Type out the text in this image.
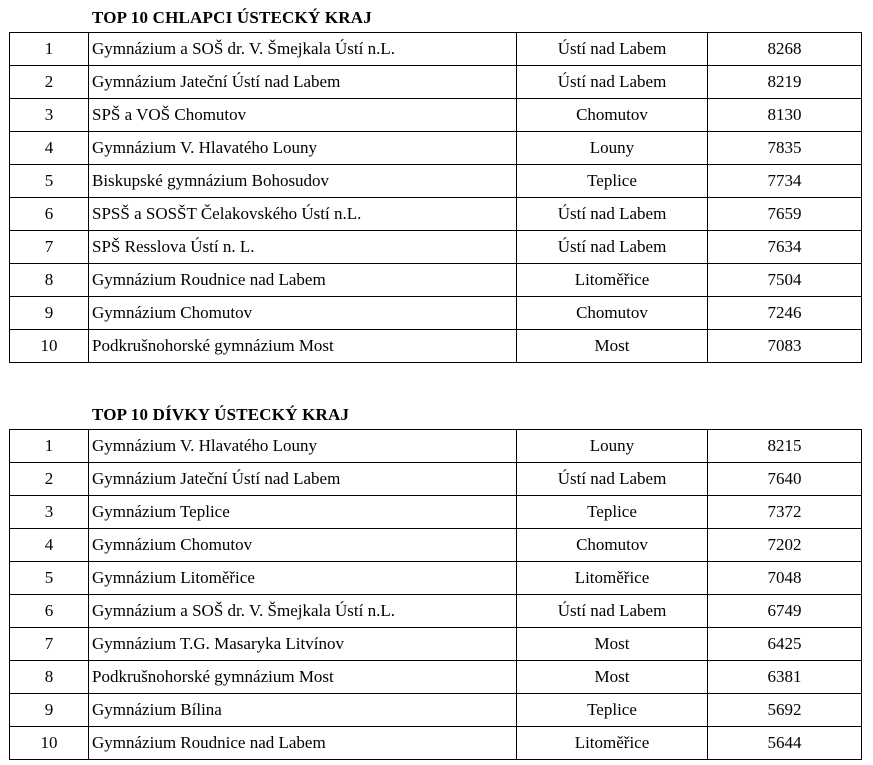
TOP 10 CHLAPCI ÚSTECKÝ KRAJ
1	Gymnázium a SOŠ dr. V. Šmejkala Ústí n.L.	Ústí nad Labem	8268
2	Gymnázium Jateční Ústí nad Labem	Ústí nad Labem	8219
3	SPŠ a VOŠ Chomutov	Chomutov	8130
4	Gymnázium V. Hlavatého Louny	Louny	7835
5	Biskupské gymnázium Bohosudov	Teplice	7734
6	SPSŠ a SOSŠT Čelakovského Ústí n.L.	Ústí nad Labem	7659
7	SPŠ Resslova Ústí n. L.	Ústí nad Labem	7634
8	Gymnázium Roudnice nad Labem	Litoměřice	7504
9	Gymnázium Chomutov	Chomutov	7246
10	Podkrušnohorské gymnázium Most	Most	7083
TOP 10 DÍVKY ÚSTECKÝ KRAJ
1	Gymnázium V. Hlavatého Louny	Louny	8215
2	Gymnázium Jateční Ústí nad Labem	Ústí nad Labem	7640
3	Gymnázium Teplice	Teplice	7372
4	Gymnázium Chomutov	Chomutov	7202
5	Gymnázium Litoměřice	Litoměřice	7048
6	Gymnázium a SOŠ dr. V. Šmejkala Ústí n.L.	Ústí nad Labem	6749
7	Gymnázium T.G. Masaryka Litvínov	Most	6425
8	Podkrušnohorské gymnázium Most	Most	6381
9	Gymnázium Bílina	Teplice	5692
10	Gymnázium Roudnice nad Labem	Litoměřice	5644
